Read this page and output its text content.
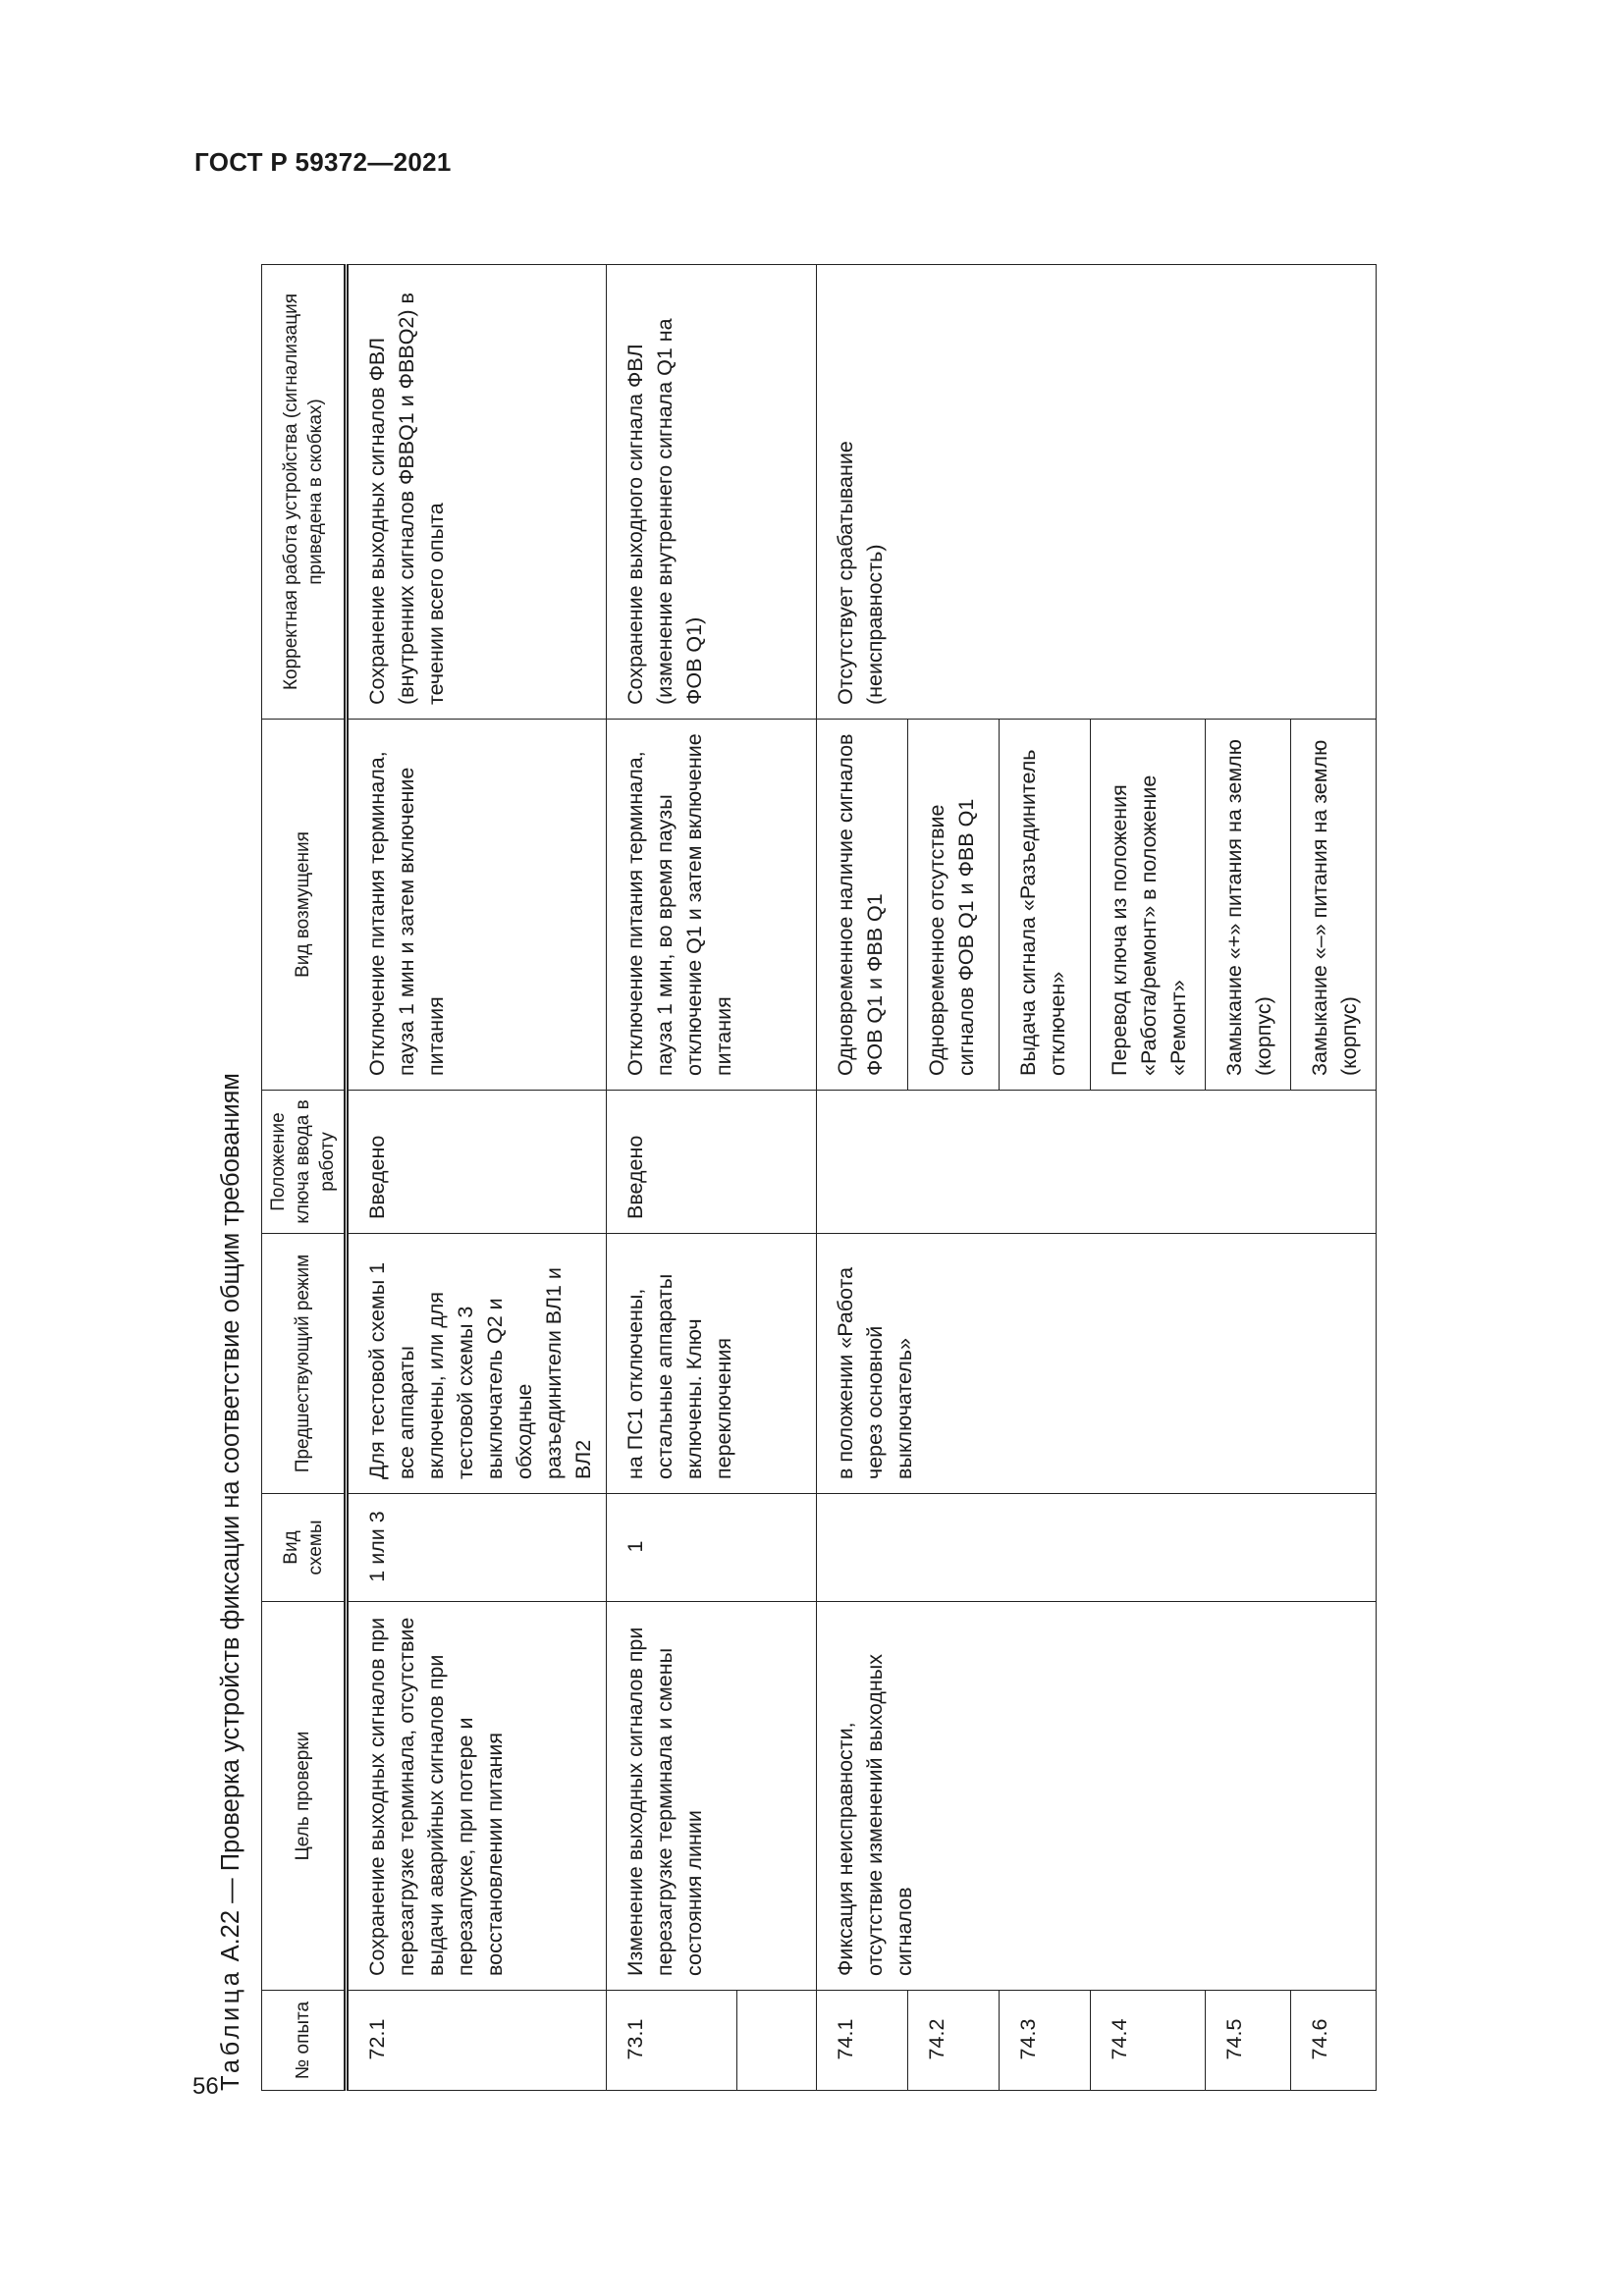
ГОСТ Р 59372—2021
56
Таблица А.22 — Проверка устройств фиксации на соответствие общим требованиям
№ опыта	Цель проверки	Вид схемы	Предшествующий режим	Положение ключа ввода в работу	Вид возмущения	Корректная работа устройства (сигнализация приведена в скобках)
72.1	Сохранение выходных сигналов при перезагрузке терминала, отсутствие выдачи аварийных сигналов при перезапуске, при потере и восстановлении питания	1 или 3	Для тестовой схемы 1 все аппараты включены, или для тестовой схемы 3 выключатель Q2 и обходные разъединители ВЛ1 и ВЛ2	Введено	Отключение питания терминала, пауза 1 мин и затем включение питания	Сохранение выходных сигналов ФВЛ (внутренних сигналов ФВBQ1 и ФВBQ2) в течении всего опыта
73.1	Изменение выходных сигналов при перезагрузке терминала и смены состояния линии	1	на ПС1 отключены, остальные аппараты включены. Ключ переключения	Введено	Отключение питания терминала, пауза 1 мин, во время паузы отключение Q1 и затем включение питания	Сохранение выходного сигнала ФВЛ (изменение внутреннего сигнала Q1 на ФОВ Q1)

74.1	Фиксация неисправности, отсутствие изменений выходных сигналов		в положении «Работа через основной выключатель»		Одновременное наличие сигналов ФОВ Q1 и ФВВ Q1	Отсутствует срабатывание (неисправность)
74.2					Одновременное отсутствие сигналов ФОВ Q1 и ФВВ Q1	
74.3					Выдача сигнала «Разъединитель отключен»	
74.4					Перевод ключа из положения «Работа/ремонт» в положение «Ремонт»	
74.5					Замыкание «+» питания на землю (корпус)	
74.6					Замыкание «–» питания на землю (корпус)	
